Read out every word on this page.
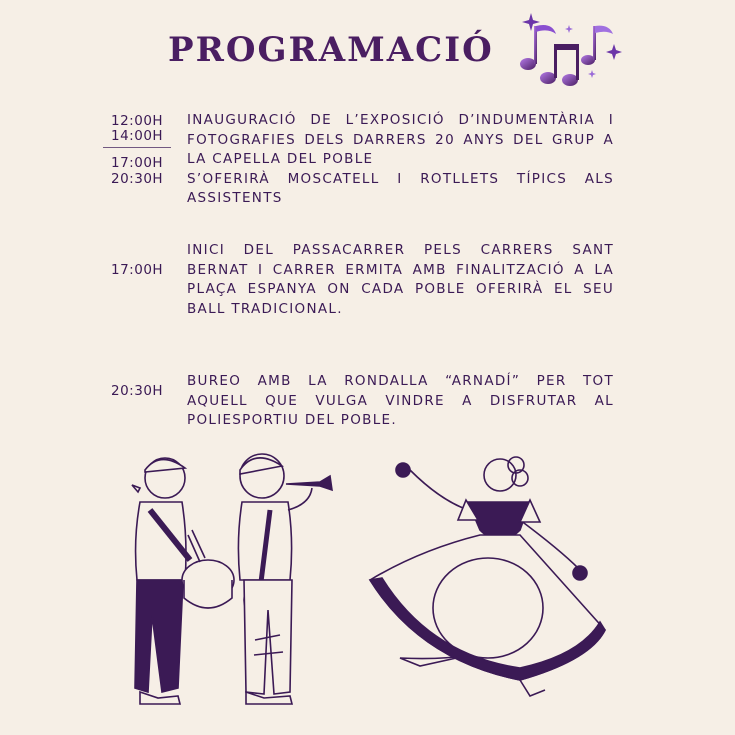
PROGRAMACIÓ
12:00H
14:00H
17:00H
20:30H
INAUGURACIÓ DE L’EXPOSICIÓ D’INDUMENTÀRIA I FOTOGRAFIES DELS DARRERS 20 ANYS DEL GRUP A LA CAPELLA DEL POBLE
S’OFERIRÀ MOSCATELL I ROTLLETS TÍPICS ALS ASSISTENTS
17:00H
INICI DEL PASSACARRER PELS CARRERS SANT BERNAT I CARRER ERMITA AMB FINALITZACIÓ A LA PLAÇA ESPANYA ON CADA POBLE OFERIRÀ EL SEU BALL TRADICIONAL.
20:30H
BUREO AMB LA RONDALLA “ARNADÍ” PER TOT AQUELL QUE VULGA VINDRE A DISFRUTAR AL POLIESPORTIU DEL POBLE.
